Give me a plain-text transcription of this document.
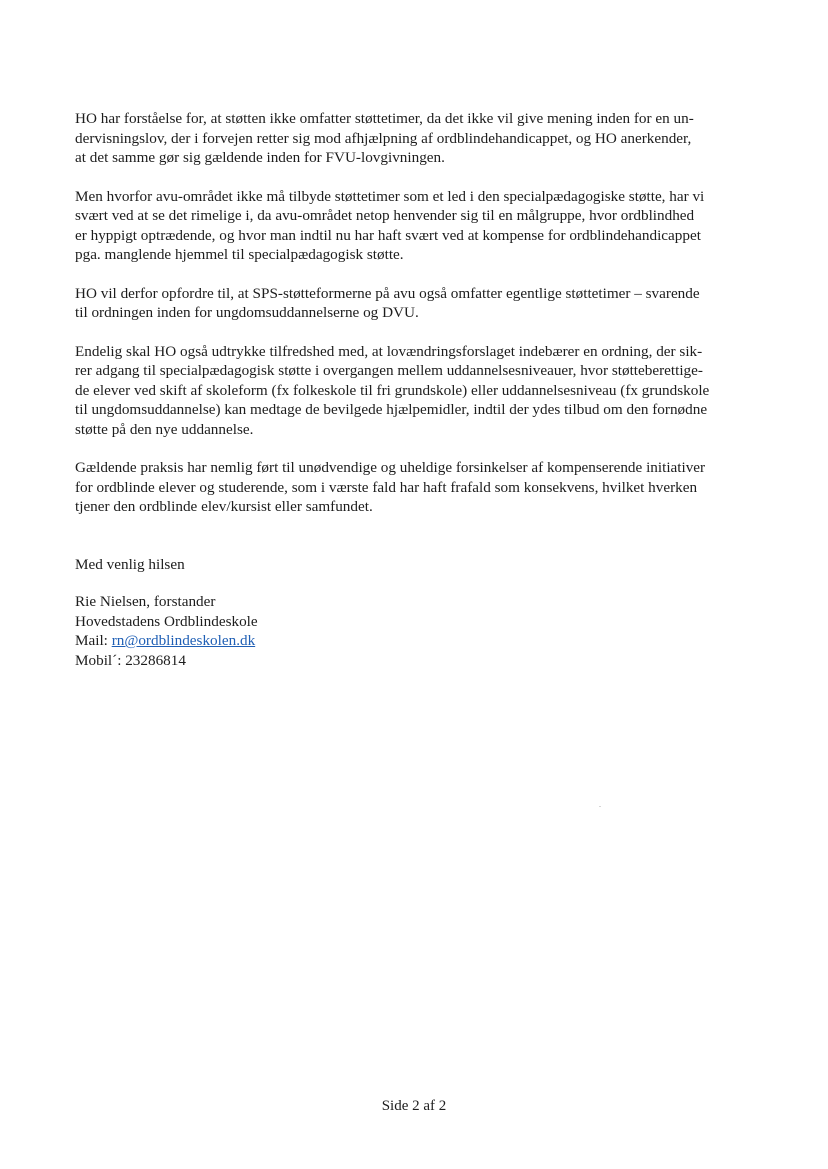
HO har forståelse for, at støtten ikke omfatter støttetimer, da det ikke vil give mening inden for en un-
dervisningslov, der i forvejen retter sig mod afhjælpning af ordblindehandicappet, og HO anerkender,
at det samme gør sig gældende inden for FVU-lovgivningen.

Men hvorfor avu-området ikke må tilbyde støttetimer som et led i den specialpædagogiske støtte, har vi
svært ved at se det rimelige i, da avu-området netop henvender sig til en målgruppe, hvor ordblindhed
er hyppigt optrædende, og hvor man indtil nu har haft svært ved at kompense for ordblindehandicappet
pga. manglende hjemmel til specialpædagogisk støtte.

HO vil derfor opfordre til, at SPS-støtteformerne på avu også omfatter egentlige støttetimer – svarende
til ordningen inden for ungdomsuddannelserne og DVU.

Endelig skal HO også udtrykke tilfredshed med, at lovændringsforslaget indebærer en ordning, der sik-
rer adgang til specialpædagogisk støtte i overgangen mellem uddannelsesniveauer, hvor støtteberettige-
de elever ved skift af skoleform (fx folkeskole til fri grundskole) eller uddannelsesniveau (fx grundskole
til ungdomsuddannelse) kan medtage de bevilgede hjælpemidler, indtil der ydes tilbud om den fornødne
støtte på den nye uddannelse.

Gældende praksis har nemlig ført til unødvendige og uheldige forsinkelser af kompenserende initiativer
for ordblinde elever og studerende, som i værste fald har haft frafald som konsekvens, hvilket hverken
tjener den ordblinde elev/kursist eller samfundet.

Med venlig hilsen
Rie Nielsen, forstander
Hovedstadens Ordblindeskole
Mail: rn@ordblindeskolen.dk
Mobil´: 23286814
Side 2 af 2
